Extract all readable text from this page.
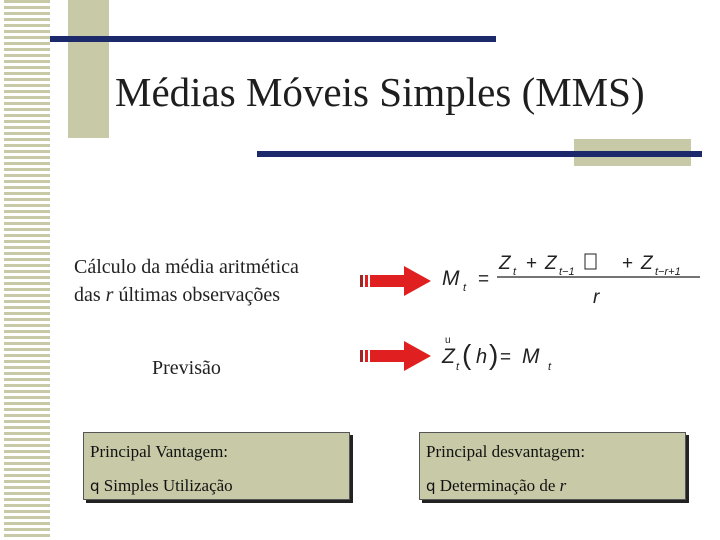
Médias Móveis Simples (MMS)
Cálculo da média aritmética
das r últimas observações
Previsão
M t =
Z t + Z t−1 + Z t−r+1
r
u
Z t ( h ) = M t
Principal Vantagem:
q Simples Utilização
Principal desvantagem:
q Determinação de r
